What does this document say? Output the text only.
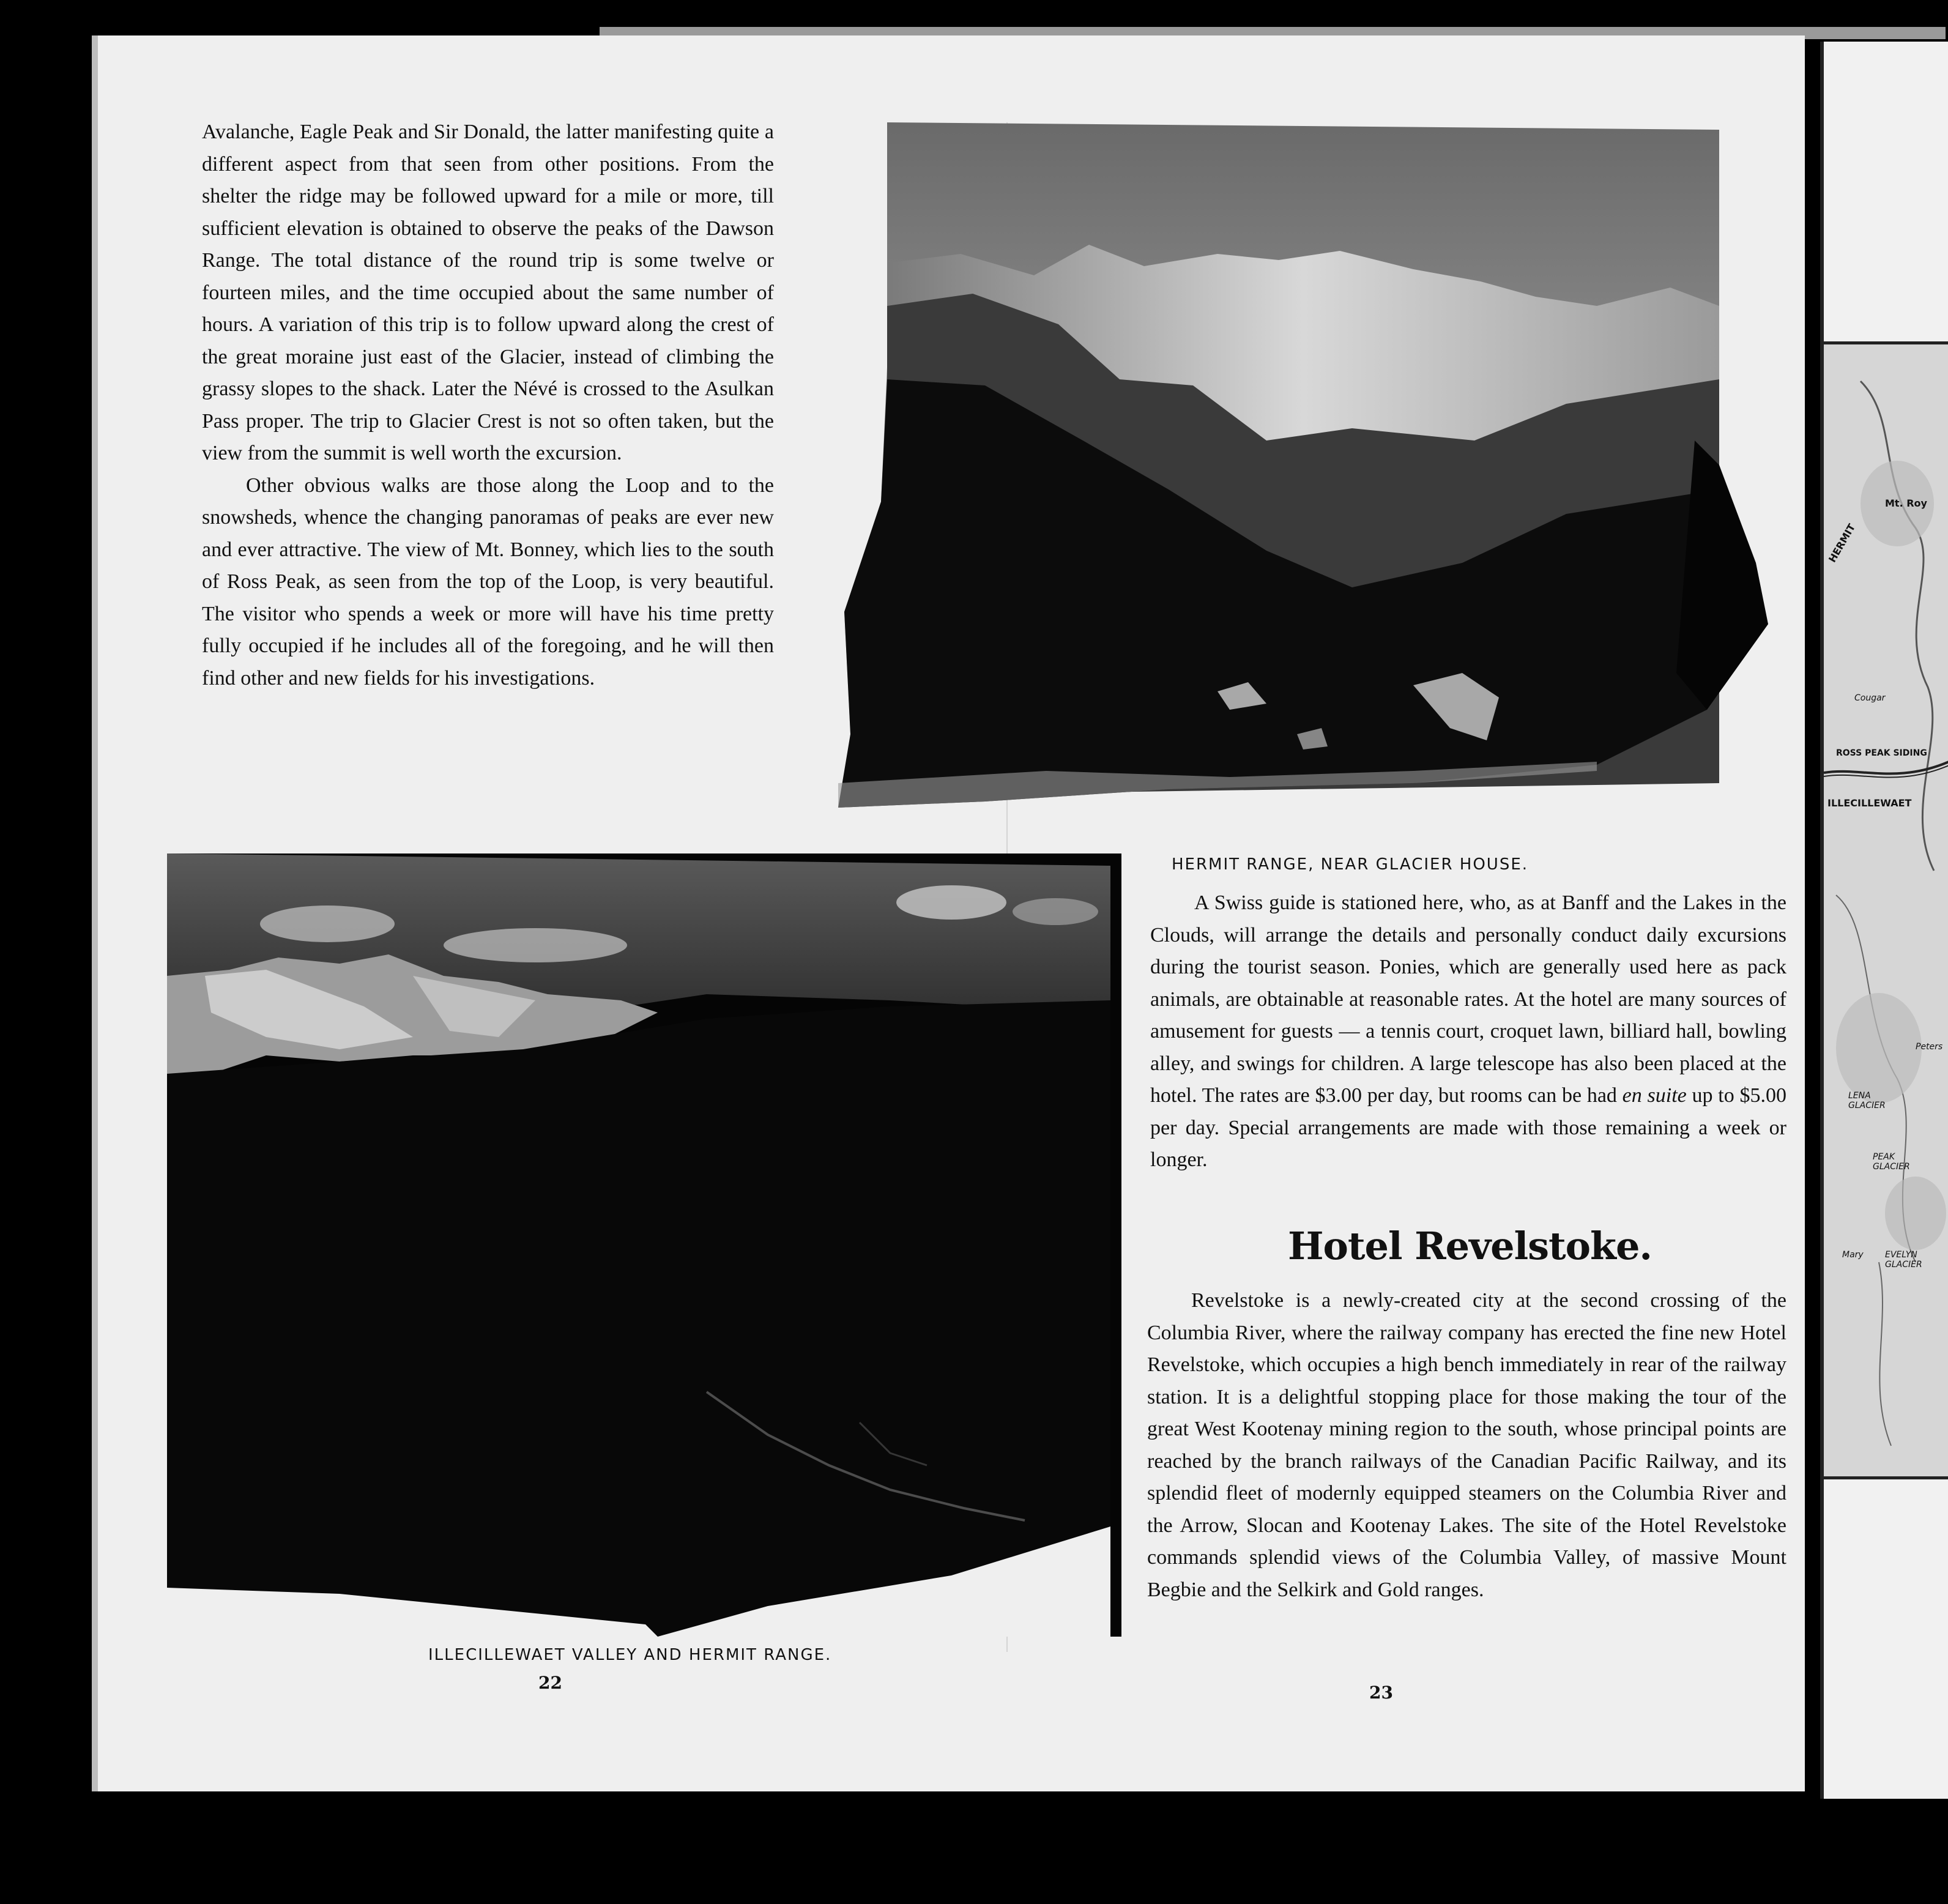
Avalanche, Eagle Peak and Sir Donald, the latter manifesting quite a different aspect from that seen from other positions. From the shelter the ridge may be followed upward for a mile or more, till sufficient elevation is obtained to observe the peaks of the Dawson Range. The total distance of the round trip is some twelve or fourteen miles, and the time occupied about the same number of hours. A variation of this trip is to follow upward along the crest of the great moraine just east of the Glacier, instead of climbing the grassy slopes to the shack. Later the Névé is crossed to the Asulkan Pass proper. The trip to Glacier Crest is not so often taken, but the view from the summit is well worth the excursion.

Other obvious walks are those along the Loop and to the snowsheds, whence the changing panoramas of peaks are ever new and ever attractive. The view of Mt. Bonney, which lies to the south of Ross Peak, as seen from the top of the Loop, is very beautiful. The visitor who spends a week or more will have his time pretty fully occupied if he includes all of the foregoing, and he will then find other and new fields for his investigations.

HERMIT RANGE, NEAR GLACIER HOUSE.
ILLECILLEWAET VALLEY AND HERMIT RANGE.
22

A Swiss guide is stationed here, who, as at Banff and the Lakes in the Clouds, will arrange the details and personally conduct daily excursions during the tourist season. Ponies, which are generally used here as pack animals, are obtainable at reasonable rates. At the hotel are many sources of amusement for guests — a tennis court, croquet lawn, billiard hall, bowling alley, and swings for children. A large telescope has also been placed at the hotel. The rates are $3.00 per day, but rooms can be had en suite up to $5.00 per day. Special arrangements are made with those remaining a week or longer.

Hotel Revelstoke.

Revelstoke is a newly-created city at the second crossing of the Columbia River, where the railway company has erected the fine new Hotel Revelstoke, which occupies a high bench immediately in rear of the railway station. It is a delightful stopping place for those making the tour of the great West Kootenay mining region to the south, whose principal points are reached by the branch railways of the Canadian Pacific Railway, and its splendid fleet of modernly equipped steamers on the Columbia River and the Arrow, Slocan and Kootenay Lakes. The site of the Hotel Revelstoke commands splendid views of the Columbia Valley, of massive Mount Begbie and the Selkirk and Gold ranges.

23
Mt. Roy
HERMIT
Cougar
ROSS PEAK SIDING
ILLECILLEWAET
Peters
LENA GLACIER
PEAK GLACIER
Mary	EVELYN GLACIER
